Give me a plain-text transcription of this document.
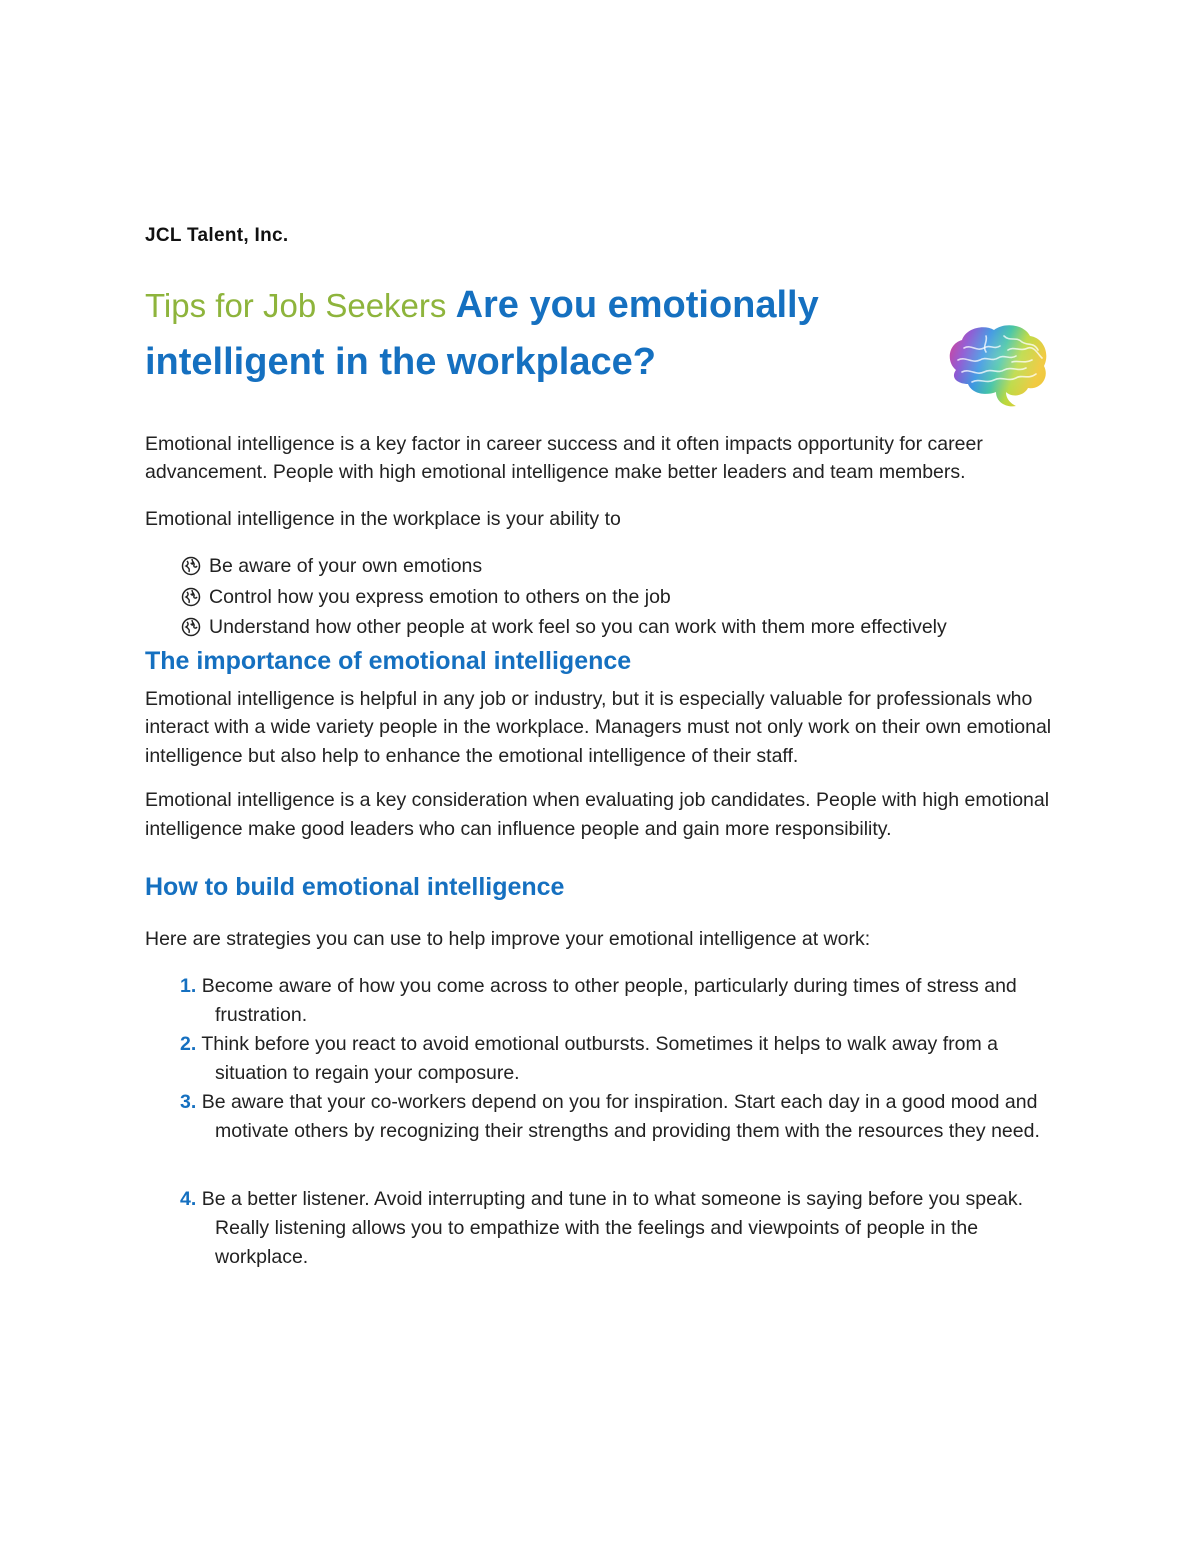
JCL Talent, Inc.

Tips for Job Seekers Are you emotionally intelligent in the workplace?

Emotional intelligence is a key factor in career success and it often impacts opportunity for career advancement. People with high emotional intelligence make better leaders and team members.

Emotional intelligence in the workplace is your ability to

Be aware of your own emotions
Control how you express emotion to others on the job
Understand how other people at work feel so you can work with them more effectively
The importance of emotional intelligence

Emotional intelligence is helpful in any job or industry, but it is especially valuable for professionals who interact with a wide variety people in the workplace. Managers must not only work on their own emotional intelligence but also help to enhance the emotional intelligence of their staff.

Emotional intelligence is a key consideration when evaluating job candidates. People with high emotional intelligence make good leaders who can influence people and gain more responsibility.

How to build emotional intelligence

Here are strategies you can use to help improve your emotional intelligence at work:

1. Become aware of how you come across to other people, particularly during times of stress and frustration.
2. Think before you react to avoid emotional outbursts. Sometimes it helps to walk away from a situation to regain your composure.
3. Be aware that your co-workers depend on you for inspiration. Start each day in a good mood and motivate others by recognizing their strengths and providing them with the resources they need.
4. Be a better listener. Avoid interrupting and tune in to what someone is saying before you speak. Really listening allows you to empathize with the feelings and viewpoints of people in the workplace.
